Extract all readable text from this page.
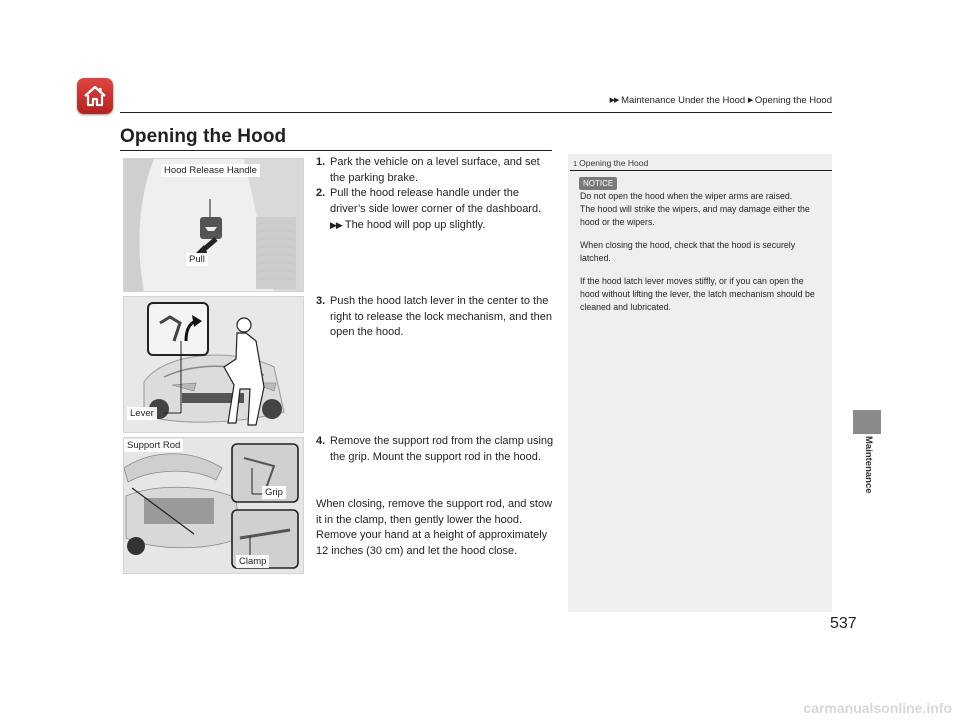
▶▶ Maintenance Under the Hood ▶ Opening the Hood
Opening the Hood
Maintenance
Hood Release Handle
Pull
Lever
Support Rod
Grip
Clamp
1. Park the vehicle on a level surface, and set the parking brake.
2. Pull the hood release handle under the driver’s side lower corner of the dashboard.
▶▶ The hood will pop up slightly.
3. Push the hood latch lever in the center to the right to release the lock mechanism, and then open the hood.
4. Remove the support rod from the clamp using the grip. Mount the support rod in the hood.
When closing, remove the support rod, and stow it in the clamp, then gently lower the hood. Remove your hand at a height of approximately 12 inches (30 cm) and let the hood close.
1 Opening the Hood
NOTICE

Do not open the hood when the wiper arms are raised.
The hood will strike the wipers, and may damage either the hood or the wipers.

When closing the hood, check that the hood is securely latched.

If the hood latch lever moves stiffly, or if you can open the hood without lifting the lever, the latch mechanism should be cleaned and lubricated.

537
carmanualsonline.info
